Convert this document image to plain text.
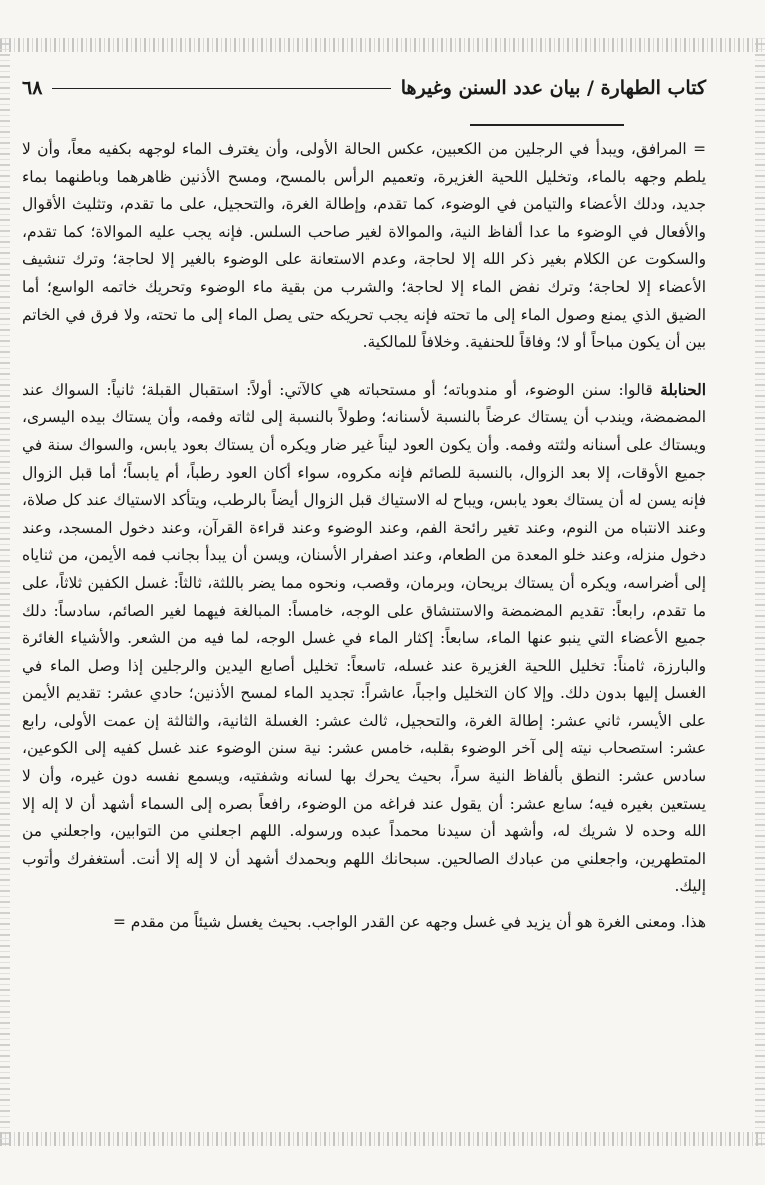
كتاب الطهارة / بيان عدد السنن وغيرها
٦٨

= المرافق، ويبدأ في الرجلين من الكعبين، عكس الحالة الأولى، وأن يغترف الماء لوجهه بكفيه معاً، وأن لا يلطم وجهه بالماء، وتخليل اللحية الغزيرة، وتعميم الرأس بالمسح، ومسح الأذنين ظاهرهما وباطنهما بماء جديد، ودلك الأعضاء والتيامن في الوضوء، كما تقدم، وإطالة الغرة، والتحجيل، على ما تقدم، وتثليث الأقوال والأفعال في الوضوء ما عدا ألفاظ النية، والموالاة لغير صاحب السلس. فإنه يجب عليه الموالاة؛ كما تقدم، والسكوت عن الكلام بغير ذكر الله إلا لحاجة، وعدم الاستعانة على الوضوء بالغير إلا لحاجة؛ وترك تنشيف الأعضاء إلا لحاجة؛ وترك نفض الماء إلا لحاجة؛ والشرب من بقية ماء الوضوء وتحريك خاتمه الواسع؛ أما الضيق الذي يمنع وصول الماء إلى ما تحته فإنه يجب تحريكه حتى يصل الماء إلى ما تحته، ولا فرق في الخاتم بين أن يكون مباحاً أو لا؛ وفاقاً للحنفية. وخلافاً للمالكية.

الحنابلة قالوا: سنن الوضوء، أو مندوباته؛ أو مستحباته هي كالآتي: أولاً: استقبال القبلة؛ ثانياً: السواك عند المضمضة، ويندب أن يستاك عرضاً بالنسبة لأسنانه؛ وطولاً بالنسبة إلى لثاته وفمه، وأن يستاك بيده اليسرى، ويستاك على أسنانه ولثته وفمه. وأن يكون العود ليناً غير ضار ويكره أن يستاك بعود يابس، والسواك سنة في جميع الأوقات، إلا بعد الزوال، بالنسبة للصائم فإنه مكروه، سواء أكان العود رطباً، أم يابساً؛ أما قبل الزوال فإنه يسن له أن يستاك بعود يابس، ويباح له الاستياك قبل الزوال أيضاً بالرطب، ويتأكد الاستياك عند كل صلاة، وعند الانتباه من النوم، وعند تغير رائحة الفم، وعند الوضوء وعند قراءة القرآن، وعند دخول المسجد، وعند دخول منزله، وعند خلو المعدة من الطعام، وعند اصفرار الأسنان، ويسن أن يبدأ بجانب فمه الأيمن، من ثناياه إلى أضراسه، ويكره أن يستاك بريحان، وبرمان، وقصب، ونحوه مما يضر باللثة، ثالثاً: غسل الكفين ثلاثاً، على ما تقدم، رابعاً: تقديم المضمضة والاستنشاق على الوجه، خامساً: المبالغة فيهما لغير الصائم، سادساً: دلك جميع الأعضاء التي ينبو عنها الماء، سابعاً: إكثار الماء في غسل الوجه، لما فيه من الشعر. والأشياء الغائرة والبارزة، ثامناً: تخليل اللحية الغزيرة عند غسله، تاسعاً: تخليل أصابع اليدين والرجلين إذا وصل الماء في الغسل إليها بدون دلك. وإلا كان التخليل واجباً، عاشراً: تجديد الماء لمسح الأذنين؛ حادي عشر: تقديم الأيمن على الأيسر، ثاني عشر: إطالة الغرة، والتحجيل، ثالث عشر: الغسلة الثانية، والثالثة إن عمت الأولى، رابع عشر: استصحاب نيته إلى آخر الوضوء بقلبه، خامس عشر: نية سنن الوضوء عند غسل كفيه إلى الكوعين، سادس عشر: النطق بألفاظ النية سراً، بحيث يحرك بها لسانه وشفتيه، ويسمع نفسه دون غيره، وأن لا يستعين بغيره فيه؛ سابع عشر: أن يقول عند فراغه من الوضوء، رافعاً بصره إلى السماء أشهد أن لا إله إلا الله وحده لا شريك له، وأشهد أن سيدنا محمداً عبده ورسوله. اللهم اجعلني من التوابين، واجعلني من المتطهرين، واجعلني من عبادك الصالحين. سبحانك اللهم وبحمدك أشهد أن لا إله إلا أنت. أستغفرك وأتوب إليك.

هذا. ومعنى الغرة هو أن يزيد في غسل وجهه عن القدر الواجب. بحيث يغسل شيئاً من مقدم =
